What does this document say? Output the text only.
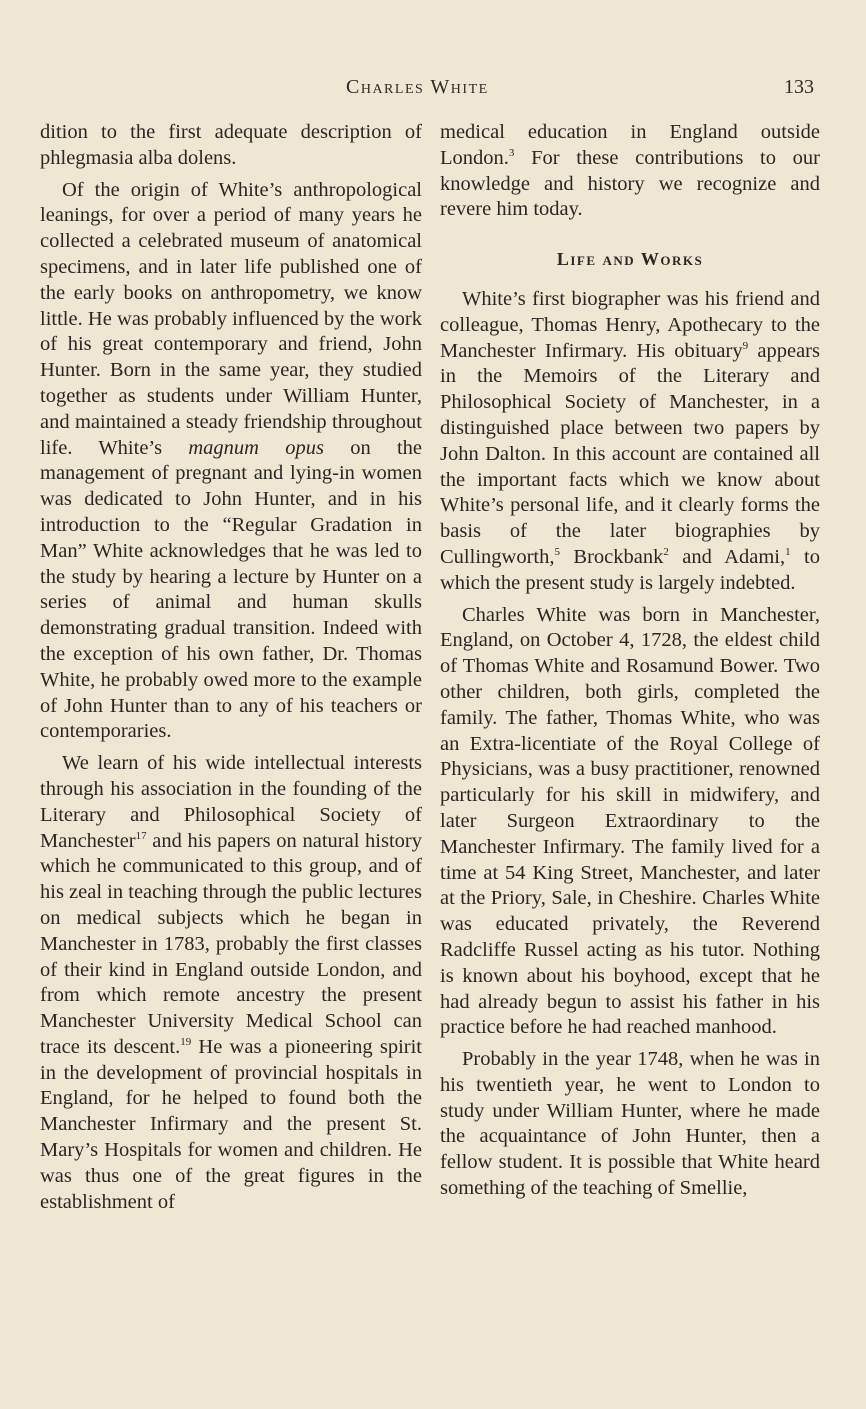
Charles White	133

dition to the first adequate description of phlegmasia alba dolens.

Of the origin of White’s anthropological leanings, for over a period of many years he collected a celebrated museum of anatomical specimens, and in later life published one of the early books on anthropometry, we know little. He was probably influenced by the work of his great contemporary and friend, John Hunter. Born in the same year, they studied together as students under William Hunter, and maintained a steady friendship throughout life. White’s magnum opus on the management of pregnant and lying-in women was dedicated to John Hunter, and in his introduction to the “Regular Gradation in Man” White acknowledges that he was led to the study by hearing a lecture by Hunter on a series of animal and human skulls demonstrating gradual transition. Indeed with the exception of his own father, Dr. Thomas White, he probably owed more to the example of John Hunter than to any of his teachers or contemporaries.

We learn of his wide intellectual interests through his association in the founding of the Literary and Philosophical Society of Manchester$^{17}$ and his papers on natural history which he communicated to this group, and of his zeal in teaching through the public lectures on medical subjects which he began in Manchester in 1783, probably the first classes of their kind in England outside London, and from which remote ancestry the present Manchester University Medical School can trace its descent.$^{19}$ He was a pioneering spirit in the development of provincial hospitals in England, for he helped to found both the Manchester Infirmary and the present St. Mary’s Hospitals for women and children. He was thus one of the great figures in the establishment of

medical education in England outside London.$^3$ For these contributions to our knowledge and history we recognize and revere him today.

Life and Works

White’s first biographer was his friend and colleague, Thomas Henry, Apothecary to the Manchester Infirmary. His obituary$^9$ appears in the Memoirs of the Literary and Philosophical Society of Manchester, in a distinguished place between two papers by John Dalton. In this account are contained all the important facts which we know about White’s personal life, and it clearly forms the basis of the later biographies by Cullingworth,$^5$ Brockbank$^2$ and Adami,$^1$ to which the present study is largely indebted.

Charles White was born in Manchester, England, on October 4, 1728, the eldest child of Thomas White and Rosamund Bower. Two other children, both girls, completed the family. The father, Thomas White, who was an Extra-licentiate of the Royal College of Physicians, was a busy practitioner, renowned particularly for his skill in midwifery, and later Surgeon Extraordinary to the Manchester Infirmary. The family lived for a time at 54 King Street, Manchester, and later at the Priory, Sale, in Cheshire. Charles White was educated privately, the Reverend Radcliffe Russel acting as his tutor. Nothing is known about his boyhood, except that he had already begun to assist his father in his practice before he had reached manhood.

Probably in the year 1748, when he was in his twentieth year, he went to London to study under William Hunter, where he made the acquaintance of John Hunter, then a fellow student. It is possible that White heard something of the teaching of Smellie,
